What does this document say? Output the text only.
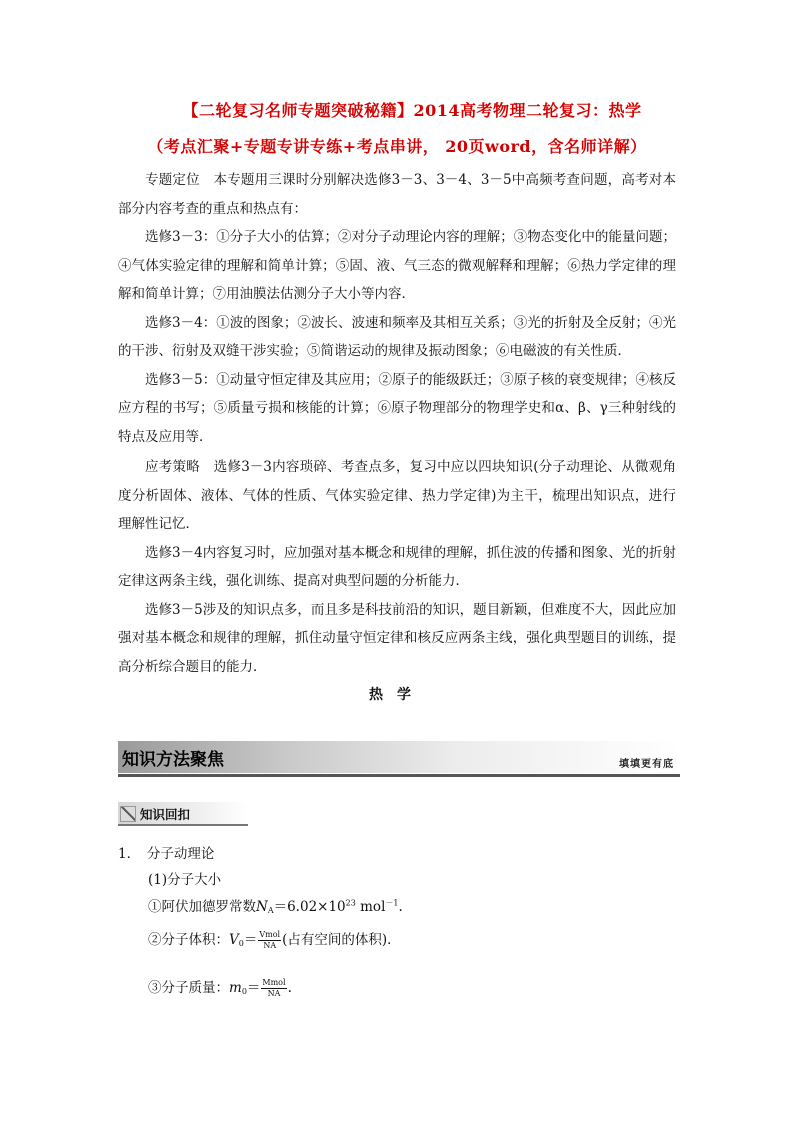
【二轮复习名师专题突破秘籍】2014高考物理二轮复习：热学
（考点汇聚+专题专讲专练+考点串讲， 20页word，含名师详解）

专题定位　本专题用三课时分别解决选修3－3、3－4、3－5中高频考查问题，高考对本部分内容考查的重点和热点有：

选修3－3：①分子大小的估算；②对分子动理论内容的理解；③物态变化中的能量问题；④气体实验定律的理解和简单计算；⑤固、液、气三态的微观解释和理解；⑥热力学定律的理解和简单计算；⑦用油膜法估测分子大小等内容．

选修3－4：①波的图象；②波长、波速和频率及其相互关系；③光的折射及全反射；④光的干涉、衍射及双缝干涉实验；⑤简谐运动的规律及振动图象；⑥电磁波的有关性质．

选修3－5：①动量守恒定律及其应用；②原子的能级跃迁；③原子核的衰变规律；④核反应方程的书写；⑤质量亏损和核能的计算；⑥原子物理部分的物理学史和α、β、γ三种射线的特点及应用等．

应考策略　选修3－3内容琐碎、考查点多，复习中应以四块知识(分子动理论、从微观角度分析固体、液体、气体的性质、气体实验定律、热力学定律)为主干，梳理出知识点，进行理解性记忆．

选修3－4内容复习时，应加强对基本概念和规律的理解，抓住波的传播和图象、光的折射定律这两条主线，强化训练、提高对典型问题的分析能力．

选修3－5涉及的知识点多，而且多是科技前沿的知识，题目新颖，但难度不大，因此应加强对基本概念和规律的理解，抓住动量守恒定律和核反应两条主线，强化典型题目的训练，提高分析综合题目的能力．

热学
知识方法聚焦	填填更有底
知识回扣
1．　分子动理论
(1)分子大小
①阿伏加德罗常数$N_A=6.02\times 10^{23}$ mol$^{-1}$.
②分子体积：$V_0= \frac{\text{Vmol}}{NA}$ (占有空间的体积)．
③分子质量：$m_0= \frac{\text{Mmol}}{NA}$ .
